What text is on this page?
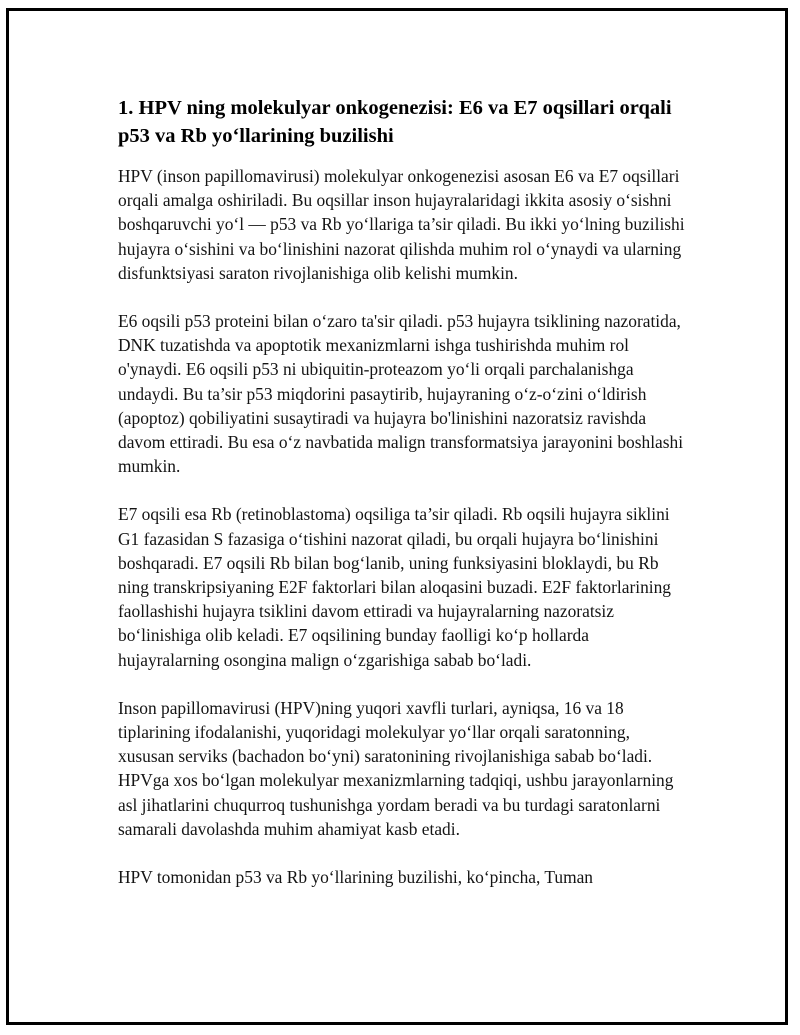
1. HPV ning molekulyar onkogenezisi: E6 va E7 oqsillari orqali p53 va Rb yo‘llarining buzilishi

HPV (inson papillomavirusi) molekulyar onkogenezisi asosan E6 va E7 oqsillari orqali amalga oshiriladi. Bu oqsillar inson hujayralaridagi ikkita asosiy o‘sishni boshqaruvchi yo‘l — p53 va Rb yo‘llariga ta’sir qiladi. Bu ikki yo‘lning buzilishi hujayra o‘sishini va bo‘linishini nazorat qilishda muhim rol o‘ynaydi va ularning disfunktsiyasi saraton rivojlanishiga olib kelishi mumkin.

E6 oqsili p53 proteini bilan o‘zaro ta'sir qiladi. p53 hujayra tsiklining nazoratida, DNK tuzatishda va apoptotik mexanizmlarni ishga tushirishda muhim rol o'ynaydi. E6 oqsili p53 ni ubiquitin-proteazom yo‘li orqali parchalanishga undaydi. Bu ta’sir p53 miqdorini pasaytirib, hujayraning o‘z-o‘zini o‘ldirish (apoptoz) qobiliyatini susaytiradi va hujayra bo'linishini nazoratsiz ravishda davom ettiradi. Bu esa o‘z navbatida malign transformatsiya jarayonini boshlashi mumkin.

E7 oqsili esa Rb (retinoblastoma) oqsiliga ta’sir qiladi. Rb oqsili hujayra siklini G1 fazasidan S fazasiga o‘tishini nazorat qiladi, bu orqali hujayra bo‘linishini boshqaradi. E7 oqsili Rb bilan bog‘lanib, uning funksiyasini bloklaydi, bu Rb ning transkripsiyaning E2F faktorlari bilan aloqasini buzadi. E2F faktorlarining faollashishi hujayra tsiklini davom ettiradi va hujayralarning nazoratsiz bo‘linishiga olib keladi. E7 oqsilining bunday faolligi ko‘p hollarda hujayralarning osongina malign o‘zgarishiga sabab bo‘ladi.

Inson papillomavirusi (HPV)ning yuqori xavfli turlari, ayniqsa, 16 va 18 tiplarining ifodalanishi, yuqoridagi molekulyar yo‘llar orqali saratonning, xususan serviks (bachadon bo‘yni) saratonining rivojlanishiga sabab bo‘ladi. HPVga xos bo‘lgan molekulyar mexanizmlarning tadqiqi, ushbu jarayonlarning asl jihatlarini chuqurroq tushunishga yordam beradi va bu turdagi saratonlarni samarali davolashda muhim ahamiyat kasb etadi.

HPV tomonidan p53 va Rb yo‘llarining buzilishi, ko‘pincha, Tuman
